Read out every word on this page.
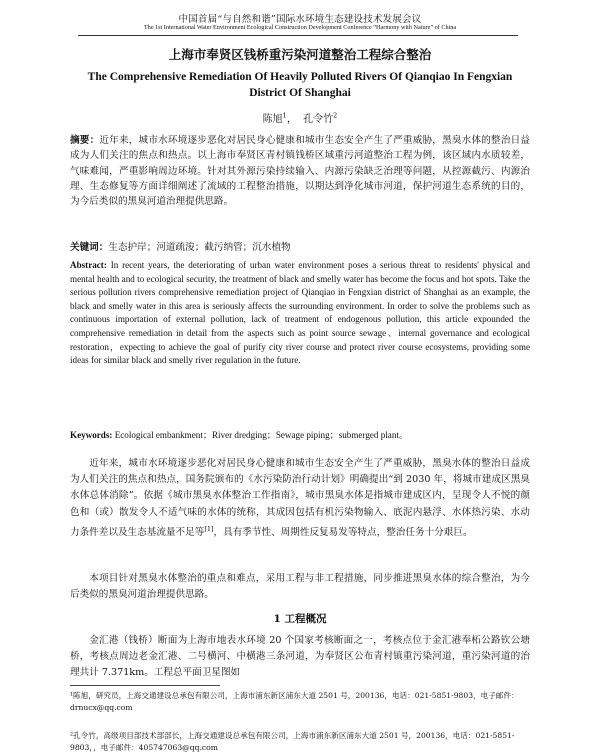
中国首届“与自然和谐”国际水环境生态建设技术发展会议
The 1st International Water Environment Ecological Construction Development Conference “Harmony with Nature” of China
上海市奉贤区钱桥重污染河道整治工程综合整治
The Comprehensive Remediation Of Heavily Polluted Rivers Of Qianqiao In Fengxian District Of Shanghai
陈旭$^1$， 孔令竹$^2$
摘要：近年来，城市水环境逐步恶化对居民身心健康和城市生态安全产生了严重威胁，黑臭水体的整治日益成为人们关注的焦点和热点。以上海市奉贤区青村镇钱桥区域重污河道整治工程为例，该区域内水质较差，气味难闻，严重影响周边环境。针对其外源污染持续输入、内源污染缺乏治理等问题，从控源截污、内源治理、生态修复等方面详细阐述了流域的工程整治措施，以期达到净化城市河道，保护河道生态系统的目的，为今后类似的黑臭河道治理提供思路。
关键词：生态护岸；河道疏浚；截污纳管；沉水植物
Abstract: In recent years, the deteriorating of urban water environment poses a serious threat to residents' physical and mental health and to ecological security, the treatment of black and smelly water has become the focus and hot spots. Take the serious pollution rivers comprehensive remediation project of Qianqiao in Fengxian district of Shanghai as an example, the black and smelly water in this area is seriously affects the surrounding environment. In order to solve the problems such as continuous importation of external pollution, lack of treatment of endogenous pollution, this article expounded the comprehensive remediation in detail from the aspects such as point source sewage、internal governance and ecological restoration，expecting to achieve the goal of purify city river course and protect river course ecosystems, providing some ideas for similar black and smelly river regulation in the future.
Keywords: Ecological embankment；River dredging；Sewage piping；submerged plant。
近年来，城市水环境逐步恶化对居民身心健康和城市生态安全产生了严重威胁，黑臭水体的整治日益成为人们关注的焦点和热点，国务院颁布的《水污染防治行动计划》明确提出“到 2030 年，将城市建成区黑臭水体总体消除”。依据《城市黑臭水体整治工作指南》，城市黑臭水体是指城市建成区内，呈现令人不悦的颜色和（或）散发令人不适气味的水体的统称，其成因包括有机污染物输入、底泥内悬浮、水体热污染、水动力条件差以及生态基流量不足等[1]，具有季节性、周期性反复易发等特点，整治任务十分艰巨。
本项目针对黑臭水体整治的重点和难点，采用工程与非工程措施，同步推进黑臭水体的综合整治，为今后类似的黑臭河道治理提供思路。
1 工程概况
金汇港（钱桥）断面为上海市地表水环境 20 个国家考核断面之一，考核点位于金汇港奉柘公路钦公塘桥，考核点周边老金汇港、二号横河、中横港三条河道，为奉贤区公布青村镇重污染河道，重污染河道的治理共计 7.371km。工程总平面卫星图如
¹陈旭，研究员，上海交通建设总承包有限公司，上海市浦东新区浦东大道 2501 号，200136，电话：021-5851-9803，电子邮件：drnucx@qq.com
²孔令竹，高级项目部技术部部长，上海交通建设总承包有限公司，上海市浦东新区浦东大道 2501 号，200136，电话：021-5851-9803，，电子邮件：405747063@qq.com
